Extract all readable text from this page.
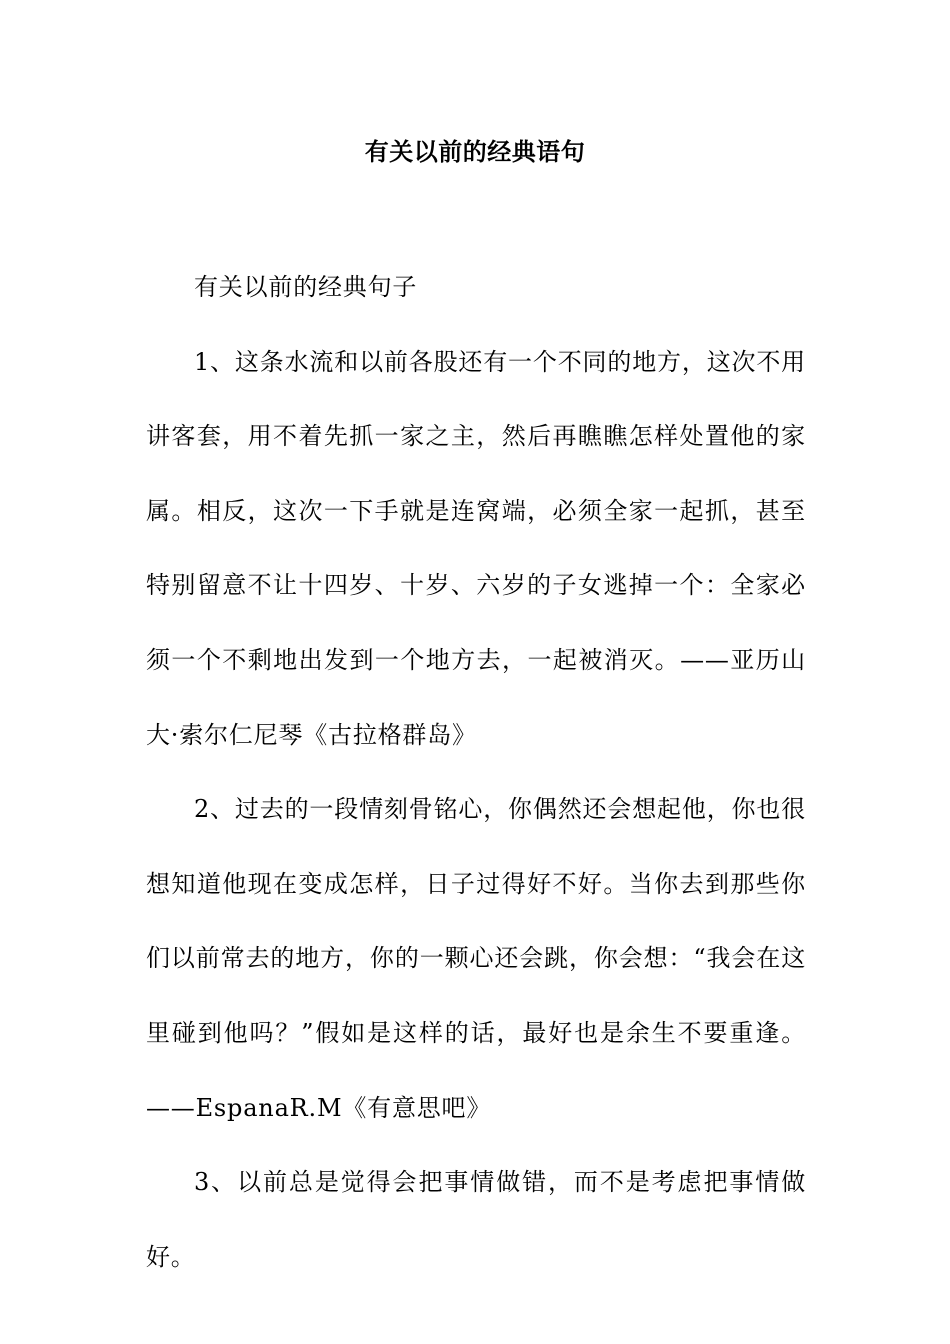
有关以前的经典语句

有关以前的经典句子

1、这条水流和以前各股还有一个不同的地方，这次不用讲客套，用不着先抓一家之主，然后再瞧瞧怎样处置他的家属。相反，这次一下手就是连窝端，必须全家一起抓，甚至特别留意不让十四岁、十岁、六岁的子女逃掉一个：全家必须一个不剩地出发到一个地方去，一起被消灭。——亚历山大·索尔仁尼琴《古拉格群岛》

2、过去的一段情刻骨铭心，你偶然还会想起他，你也很想知道他现在变成怎样，日子过得好不好。当你去到那些你们以前常去的地方，你的一颗心还会跳，你会想：“我会在这里碰到他吗？”假如是这样的话，最好也是余生不要重逢。——EspanaR.M《有意思吧》

3、以前总是觉得会把事情做错，而不是考虑把事情做好。
